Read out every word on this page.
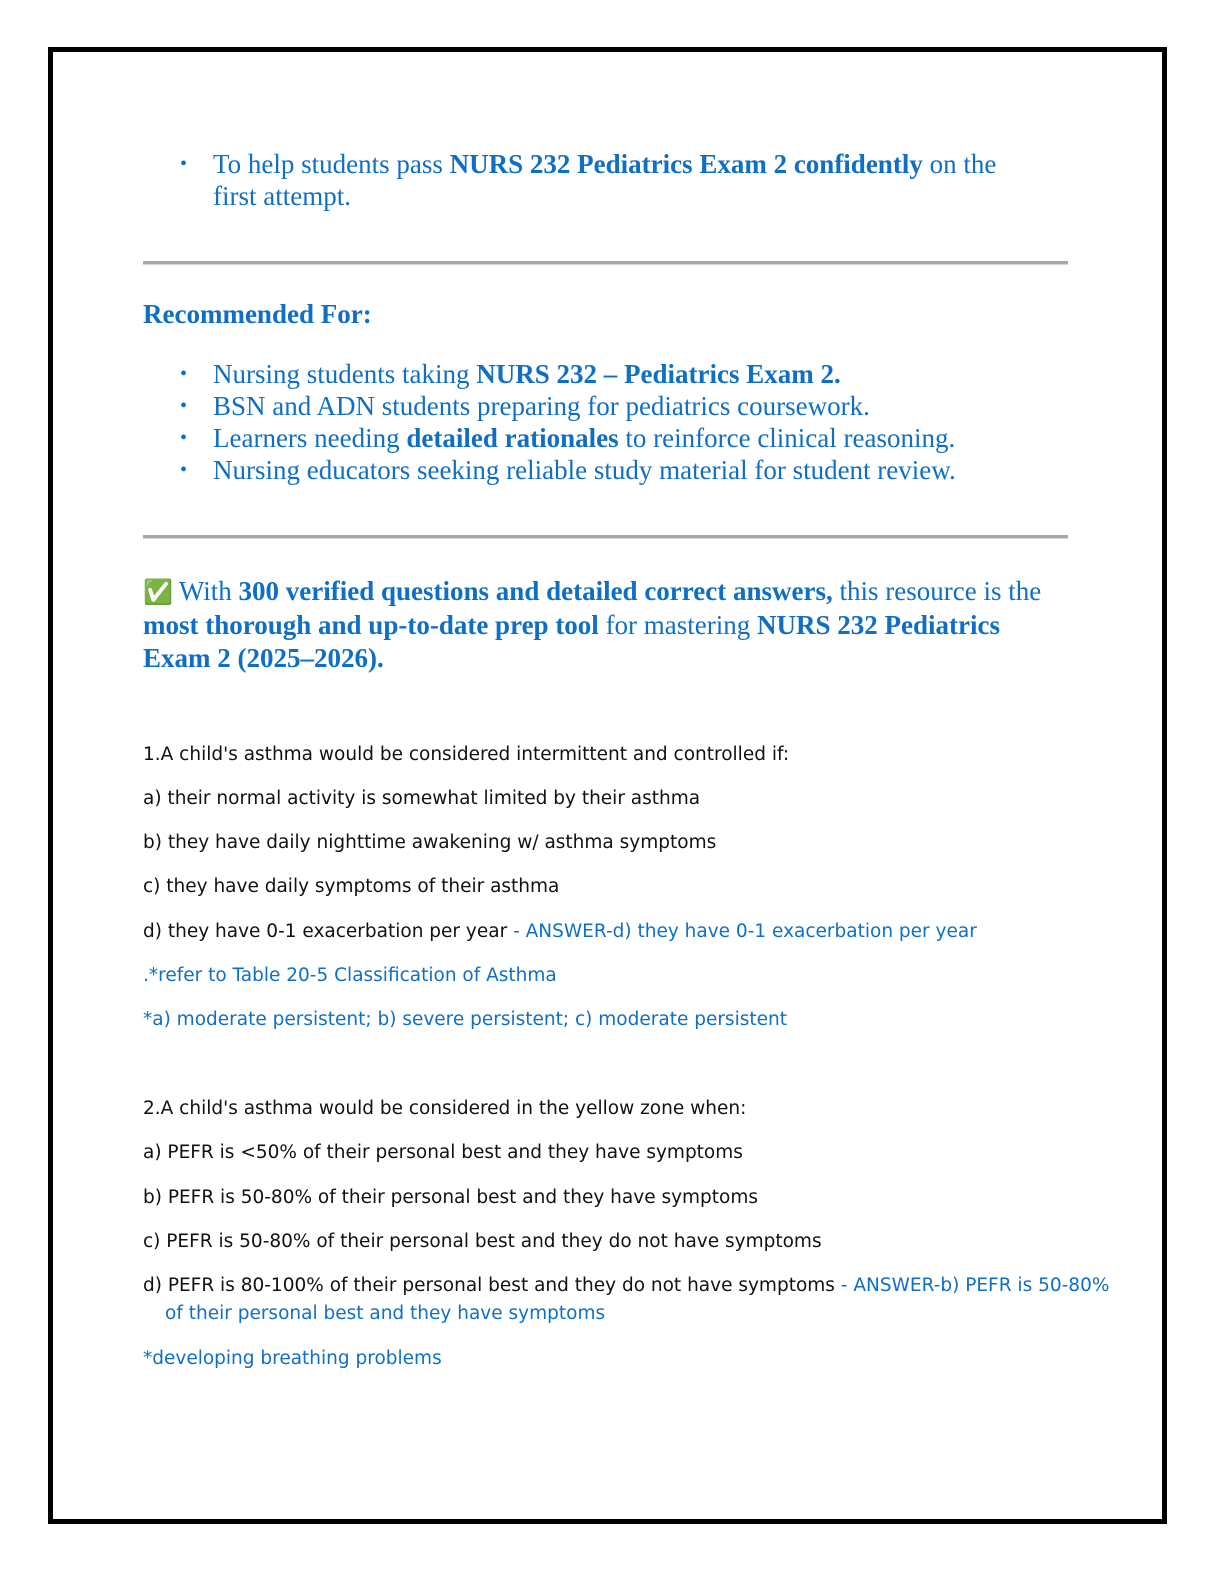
• To help students pass NURS 232 Pediatrics Exam 2 confidently on the
first attempt.
Recommended For:
• Nursing students taking NURS 232 – Pediatrics Exam 2.
• BSN and ADN students preparing for pediatrics coursework.
• Learners needing detailed rationales to reinforce clinical reasoning.
• Nursing educators seeking reliable study material for student review.
✅ With 300 verified questions and detailed correct answers, this resource is the most thorough and up-to-date prep tool for mastering NURS 232 Pediatrics Exam 2 (2025–2026).
1.A child's asthma would be considered intermittent and controlled if:
a) their normal activity is somewhat limited by their asthma
b) they have daily nighttime awakening w/ asthma symptoms
c) they have daily symptoms of their asthma
d) they have 0-1 exacerbation per year - ANSWER-d) they have 0-1 exacerbation per year
.*refer to Table 20-5 Classification of Asthma
*a) moderate persistent; b) severe persistent; c) moderate persistent
2.A child's asthma would be considered in the yellow zone when:
a) PEFR is <50% of their personal best and they have symptoms
b) PEFR is 50-80% of their personal best and they have symptoms
c) PEFR is 50-80% of their personal best and they do not have symptoms
d) PEFR is 80-100% of their personal best and they do not have symptoms - ANSWER-b) PEFR is 50-80%
of their personal best and they have symptoms
*developing breathing problems
